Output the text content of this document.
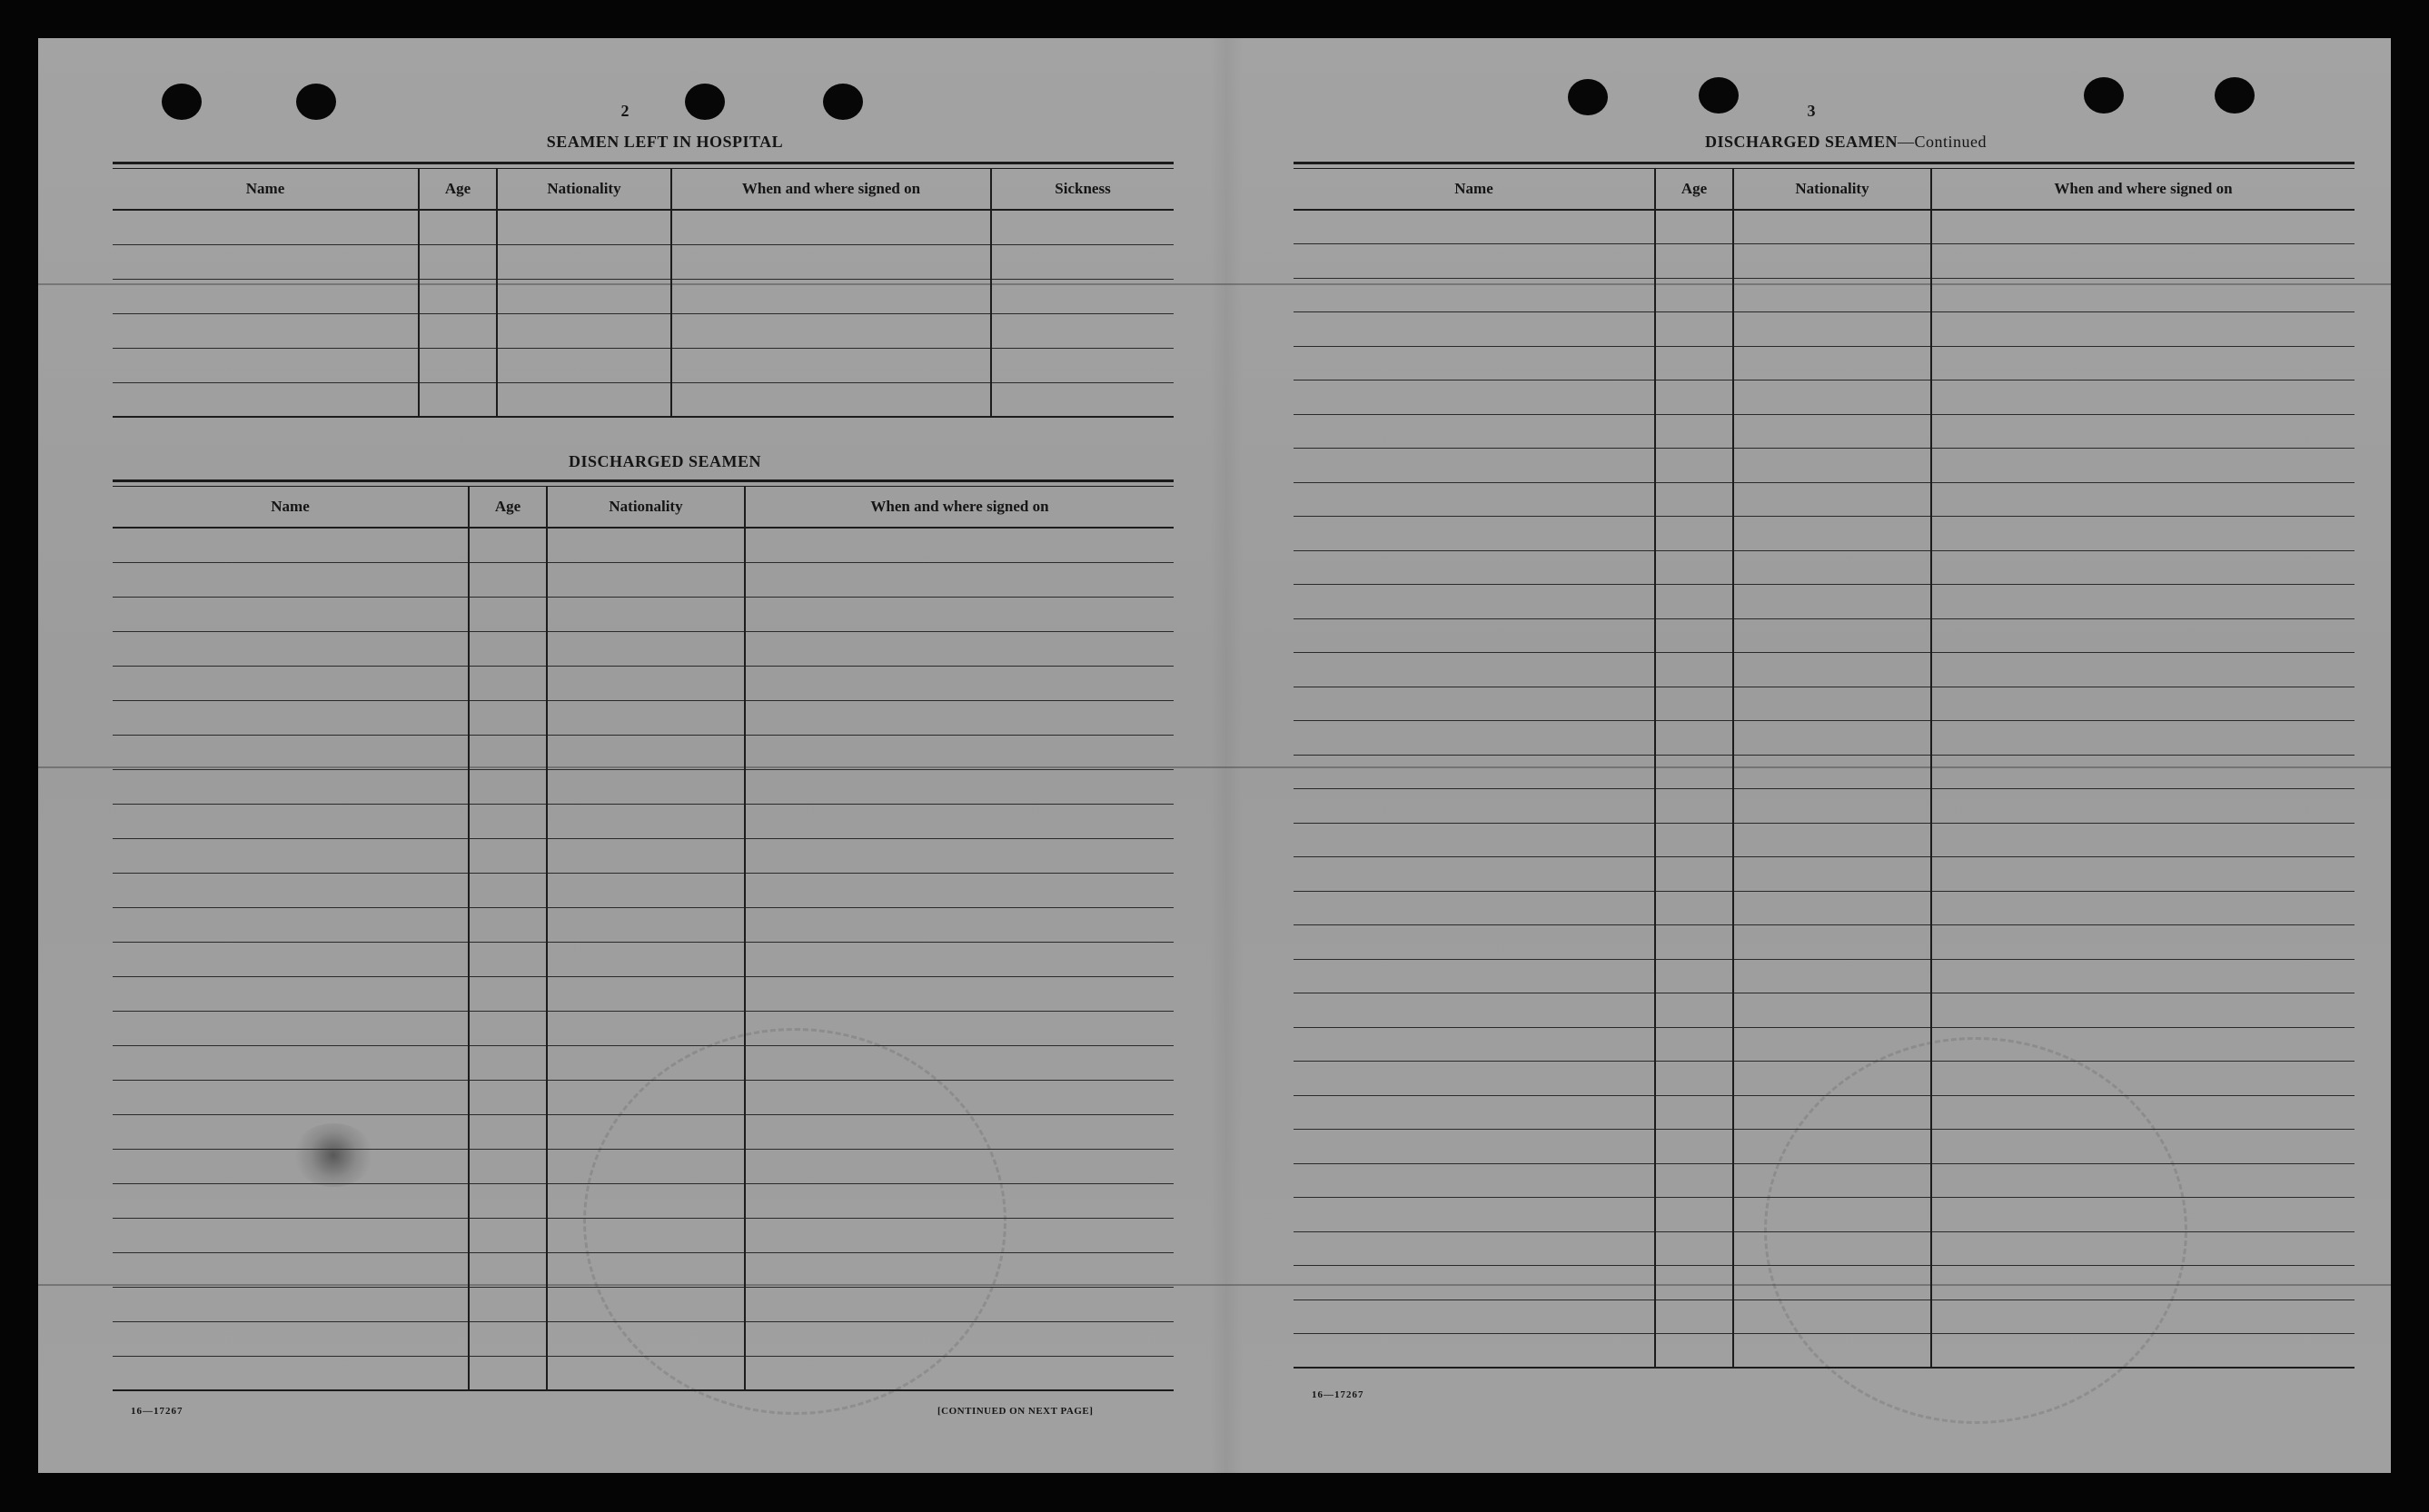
2
SEAMEN LEFT IN HOSPITAL
Name	Age	Nationality	When and where signed on	Sickness

DISCHARGED SEAMEN
Name	Age	Nationality	When and where signed on

16—17267	[CONTINUED ON NEXT PAGE]
3
DISCHARGED SEAMEN—Continued
Name	Age	Nationality	When and where signed on

16—17267
